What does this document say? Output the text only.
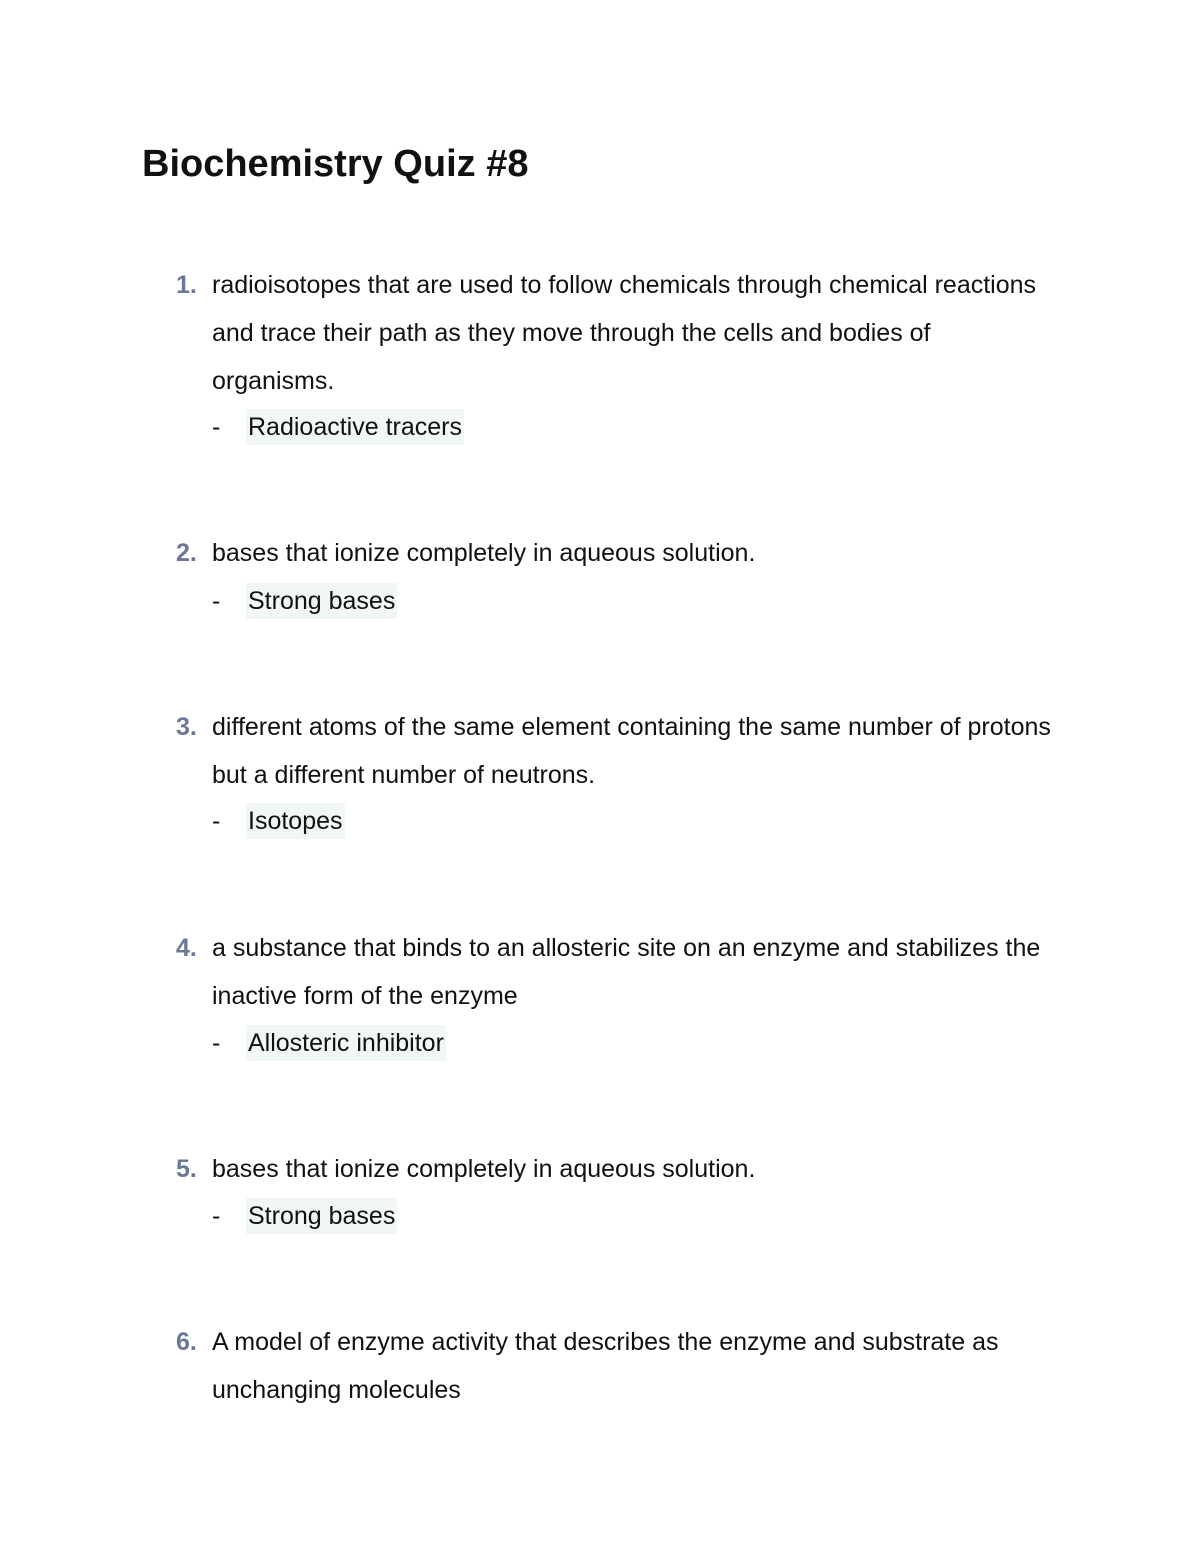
Biochemistry Quiz #8
1. radioisotopes that are used to follow chemicals through chemical reactions and trace their path as they move through the cells and bodies of organisms.

- Radioactive tracers
2. bases that ionize completely in aqueous solution.

- Strong bases
3. different atoms of the same element containing the same number of protons but a different number of neutrons.

- Isotopes
4. a substance that binds to an allosteric site on an enzyme and stabilizes the inactive form of the enzyme

- Allosteric inhibitor
5. bases that ionize completely in aqueous solution.

- Strong bases
6. A model of enzyme activity that describes the enzyme and substrate as unchanging molecules
